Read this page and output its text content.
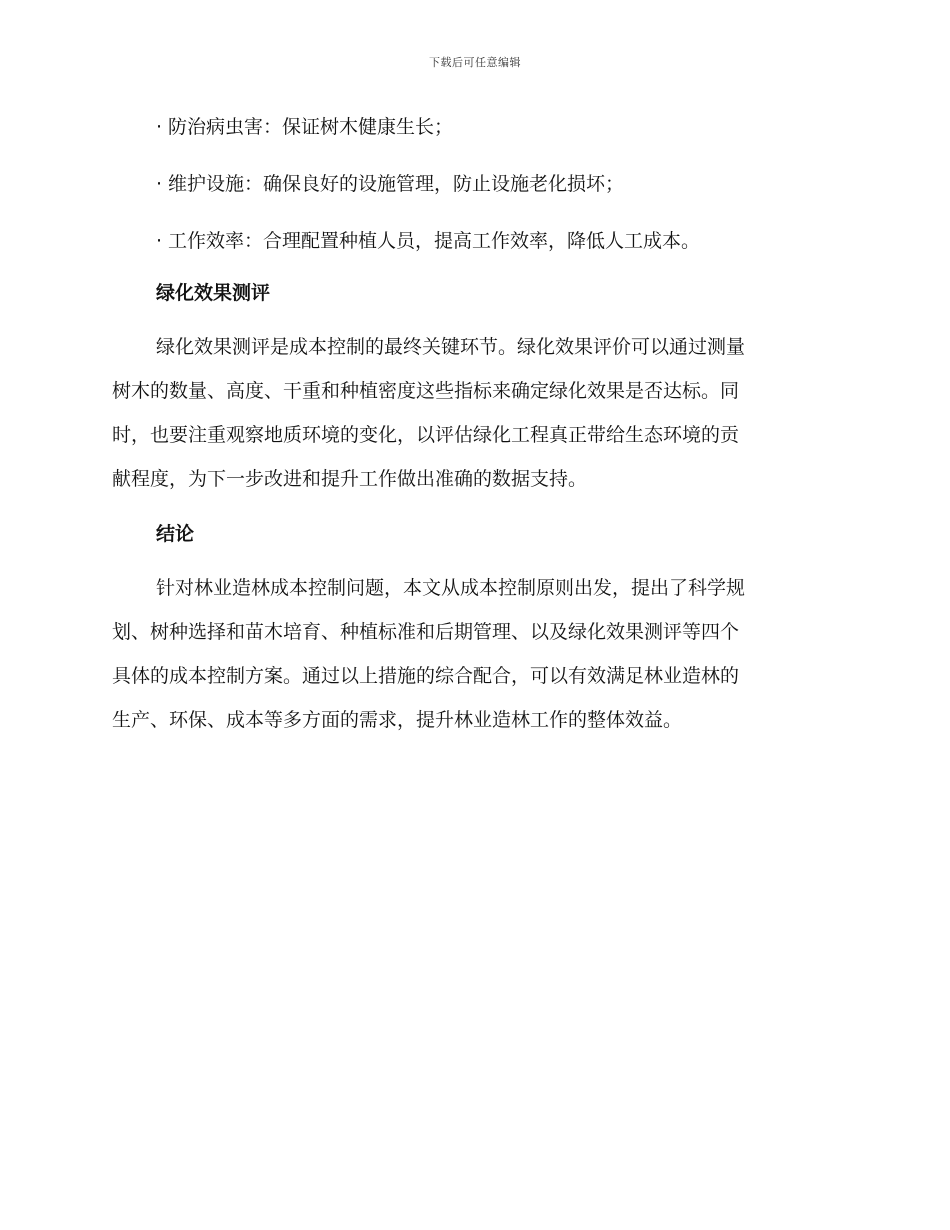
下载后可任意编辑
· 防治病虫害：保证树木健康生长；
· 维护设施：确保良好的设施管理，防止设施老化损坏；
· 工作效率：合理配置种植人员，提高工作效率，降低人工成本。
绿化效果测评
绿化效果测评是成本控制的最终关键环节。绿化效果评价可以通过测量
树木的数量、高度、干重和种植密度这些指标来确定绿化效果是否达标。同
时，也要注重观察地质环境的变化，以评估绿化工程真正带给生态环境的贡
献程度，为下一步改进和提升工作做出准确的数据支持。
结论
针对林业造林成本控制问题，本文从成本控制原则出发，提出了科学规
划、树种选择和苗木培育、种植标准和后期管理、以及绿化效果测评等四个
具体的成本控制方案。通过以上措施的综合配合，可以有效满足林业造林的
生产、环保、成本等多方面的需求，提升林业造林工作的整体效益。
